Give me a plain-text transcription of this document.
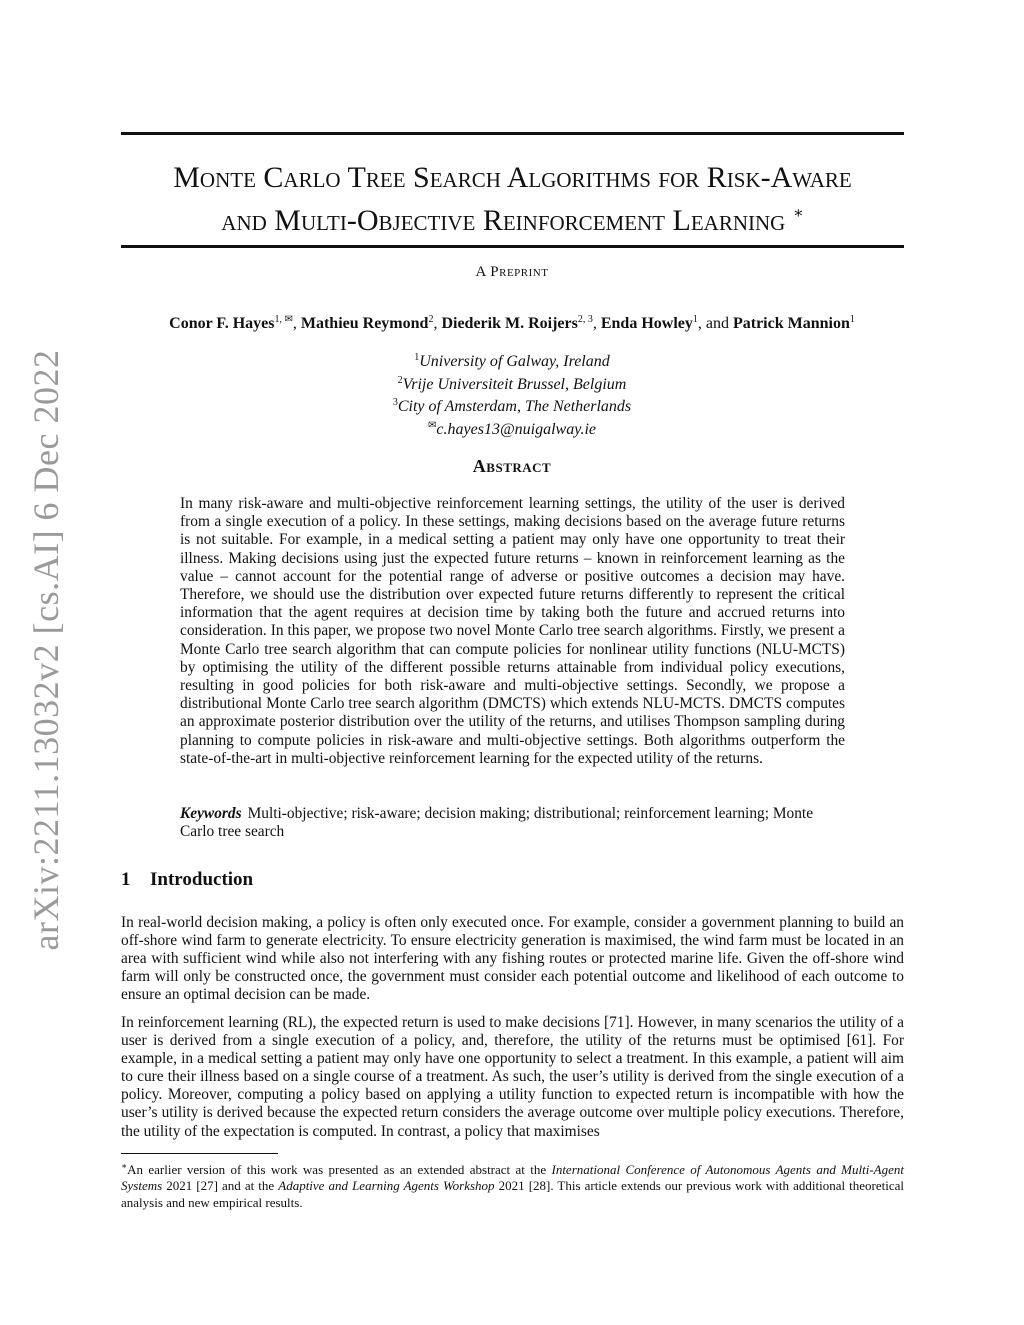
arXiv:2211.13032v2 [cs.AI] 6 Dec 2022
Monte Carlo Tree Search Algorithms for Risk-Aware
and Multi-Objective Reinforcement Learning ∗
A Preprint
Conor F. Hayes$^{1, ✉}$, Mathieu Reymond$^2$, Diederik M. Roijers$^{2, 3}$, Enda Howley$^1$, and Patrick Mannion$^1$
$^1$University of Galway, Ireland
$^2$Vrije Universiteit Brussel, Belgium
$^3$City of Amsterdam, The Netherlands
✉c.hayes13@nuigalway.ie
Abstract
In many risk-aware and multi-objective reinforcement learning settings, the utility of the user is derived from a single execution of a policy. In these settings, making decisions based on the average future returns is not suitable. For example, in a medical setting a patient may only have one opportunity to treat their illness. Making decisions using just the expected future returns – known in reinforcement learning as the value – cannot account for the potential range of adverse or positive outcomes a decision may have. Therefore, we should use the distribution over expected future returns differently to represent the critical information that the agent requires at decision time by taking both the future and accrued returns into consideration. In this paper, we propose two novel Monte Carlo tree search algorithms. Firstly, we present a Monte Carlo tree search algorithm that can compute policies for nonlinear utility functions (NLU-MCTS) by optimising the utility of the different possible returns attainable from individual policy executions, resulting in good policies for both risk-aware and multi-objective settings. Secondly, we propose a distributional Monte Carlo tree search algorithm (DMCTS) which extends NLU-MCTS. DMCTS computes an approximate posterior distribution over the utility of the returns, and utilises Thompson sampling during planning to compute policies in risk-aware and multi-objective settings. Both algorithms outperform the state-of-the-art in multi-objective reinforcement learning for the expected utility of the returns.
Keywords Multi-objective; risk-aware; decision making; distributional; reinforcement learning; Monte Carlo tree search
1 Introduction
In real-world decision making, a policy is often only executed once. For example, consider a government planning to build an off-shore wind farm to generate electricity. To ensure electricity generation is maximised, the wind farm must be located in an area with sufficient wind while also not interfering with any fishing routes or protected marine life. Given the off-shore wind farm will only be constructed once, the government must consider each potential outcome and likelihood of each outcome to ensure an optimal decision can be made.
In reinforcement learning (RL), the expected return is used to make decisions [71]. However, in many scenarios the utility of a user is derived from a single execution of a policy, and, therefore, the utility of the returns must be optimised [61]. For example, in a medical setting a patient may only have one opportunity to select a treatment. In this example, a patient will aim to cure their illness based on a single course of a treatment. As such, the user’s utility is derived from the single execution of a policy. Moreover, computing a policy based on applying a utility function to expected return is incompatible with how the user’s utility is derived because the expected return considers the average outcome over multiple policy executions. Therefore, the utility of the expectation is computed. In contrast, a policy that maximises
∗An earlier version of this work was presented as an extended abstract at the International Conference of Autonomous Agents and Multi-Agent Systems 2021 [27] and at the Adaptive and Learning Agents Workshop 2021 [28]. This article extends our previous work with additional theoretical analysis and new empirical results.
